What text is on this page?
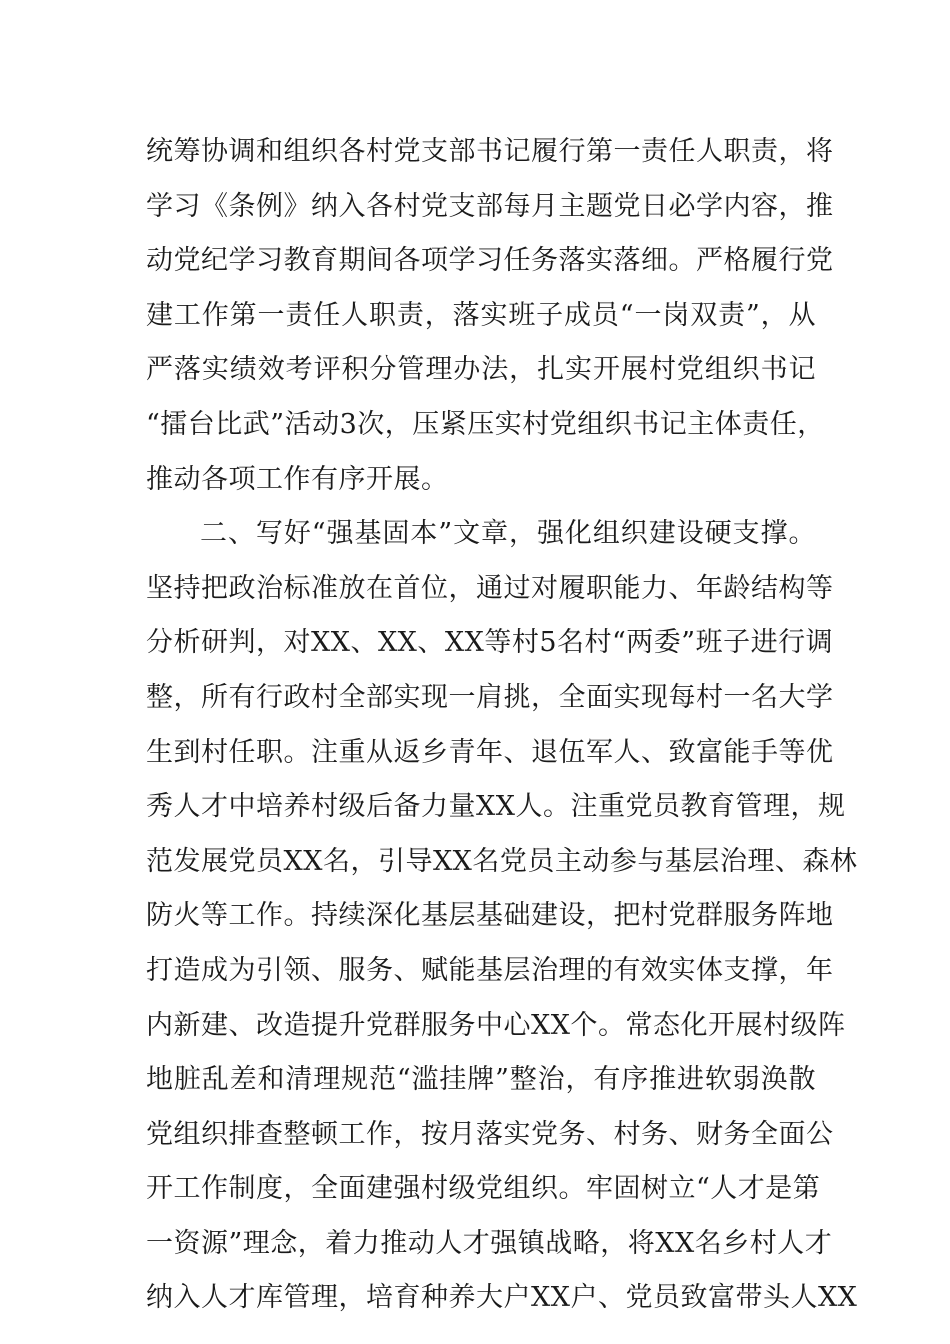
统筹协调和组织各村党支部书记履行第一责任人职责，将
学习《条例》纳入各村党支部每月主题党日必学内容，推
动党纪学习教育期间各项学习任务落实落细。严格履行党
建工作第一责任人职责，落实班子成员“一岗双责”，从
严落实绩效考评积分管理办法，扎实开展村党组织书记
“擂台比武”活动3次，压紧压实村党组织书记主体责任，
推动各项工作有序开展。
二、写好“强基固本”文章，强化组织建设硬支撑。
坚持把政治标准放在首位，通过对履职能力、年龄结构等
分析研判，对XX、XX、XX等村5名村“两委”班子进行调
整，所有行政村全部实现一肩挑，全面实现每村一名大学
生到村任职。注重从返乡青年、退伍军人、致富能手等优
秀人才中培养村级后备力量XX人。注重党员教育管理，规
范发展党员XX名，引导XX名党员主动参与基层治理、森林
防火等工作。持续深化基层基础建设，把村党群服务阵地
打造成为引领、服务、赋能基层治理的有效实体支撑，年
内新建、改造提升党群服务中心XX个。常态化开展村级阵
地脏乱差和清理规范“滥挂牌”整治，有序推进软弱涣散
党组织排查整顿工作，按月落实党务、村务、财务全面公
开工作制度，全面建强村级党组织。牢固树立“人才是第
一资源”理念，着力推动人才强镇战略，将XX名乡村人才
纳入人才库管理，培育种养大户XX户、党员致富带头人XX
